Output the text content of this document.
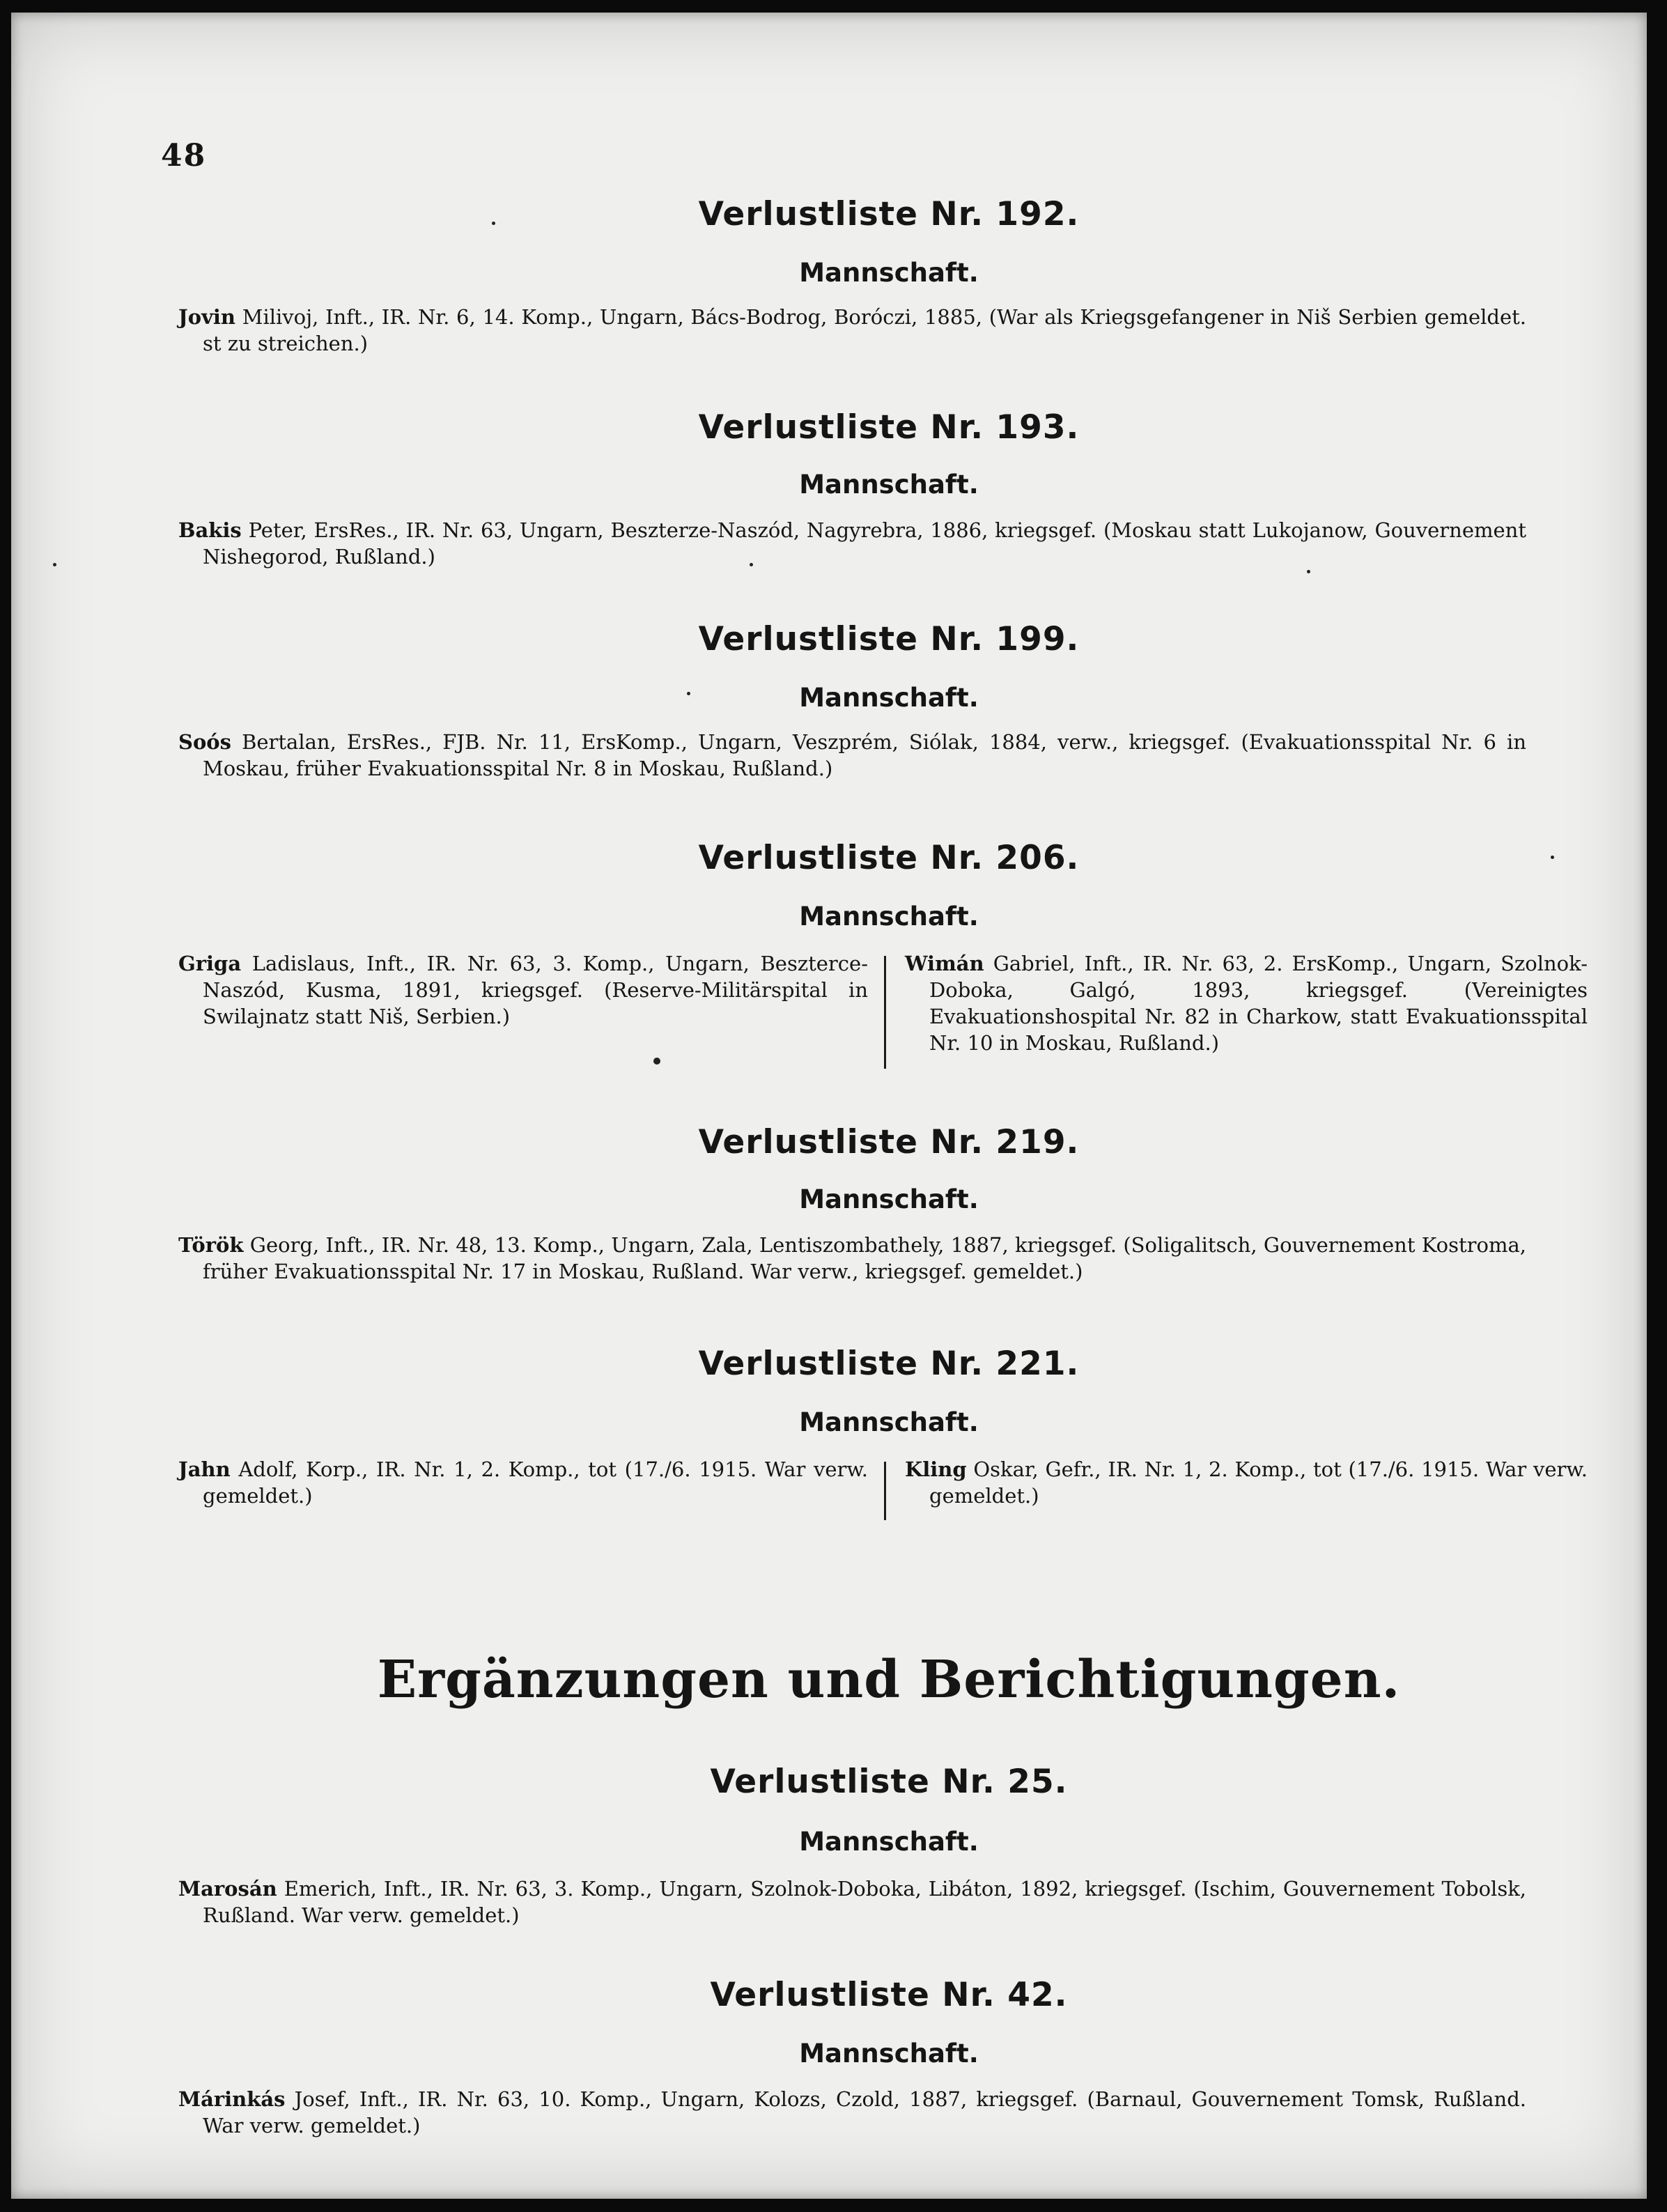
48
Verlustliste Nr. 192.
Mannschaft.
Jovin Milivoj, Inft., IR. Nr. 6, 14. Komp., Ungarn, Bács-Bodrog, Boróczi, 1885, (War als Kriegsgefangener in Niš Serbien gemeldet. st zu streichen.)
Verlustliste Nr. 193.
Mannschaft.
Bakis Peter, ErsRes., IR. Nr. 63, Ungarn, Beszterze-Naszód, Nagyrebra, 1886, kriegsgef. (Moskau statt Lukojanow, Gouvernement Nishegorod, Rußland.)
Verlustliste Nr. 199.
Mannschaft.
Soós Bertalan, ErsRes., FJB. Nr. 11, ErsKomp., Ungarn, Veszprém, Siólak, 1884, verw., kriegsgef. (Evakuationsspital Nr. 6 in Moskau, früher Evakuationsspital Nr. 8 in Moskau, Rußland.)
Verlustliste Nr. 206.
Mannschaft.
Griga Ladislaus, Inft., IR. Nr. 63, 3. Komp., Ungarn, Beszterce-Naszód, Kusma, 1891, kriegsgef. (Reserve-Militärspital in Swilajnatz statt Niš, Serbien.)
Wimán Gabriel, Inft., IR. Nr. 63, 2. ErsKomp., Ungarn, Szolnok-Doboka, Galgó, 1893, kriegsgef. (Vereinigtes Evakuationshospital Nr. 82 in Charkow, statt Evakuationsspital Nr. 10 in Moskau, Rußland.)
Verlustliste Nr. 219.
Mannschaft.
Török Georg, Inft., IR. Nr. 48, 13. Komp., Ungarn, Zala, Lentiszombathely, 1887, kriegsgef. (Soligalitsch, Gouvernement Kostroma, früher Evakuationsspital Nr. 17 in Moskau, Rußland. War verw., kriegsgef. gemeldet.)
Verlustliste Nr. 221.
Mannschaft.
Jahn Adolf, Korp., IR. Nr. 1, 2. Komp., tot (17./6. 1915. War verw. gemeldet.)
Kling Oskar, Gefr., IR. Nr. 1, 2. Komp., tot (17./6. 1915. War verw. gemeldet.)
Ergänzungen und Berichtigungen.
Verlustliste Nr. 25.
Mannschaft.
Marosán Emerich, Inft., IR. Nr. 63, 3. Komp., Ungarn, Szolnok-Doboka, Libáton, 1892, kriegsgef. (Ischim, Gouvernement Tobolsk, Rußland. War verw. gemeldet.)
Verlustliste Nr. 42.
Mannschaft.
Márinkás Josef, Inft., IR. Nr. 63, 10. Komp., Ungarn, Kolozs, Czold, 1887, kriegsgef. (Barnaul, Gouvernement Tomsk, Rußland. War verw. gemeldet.)
